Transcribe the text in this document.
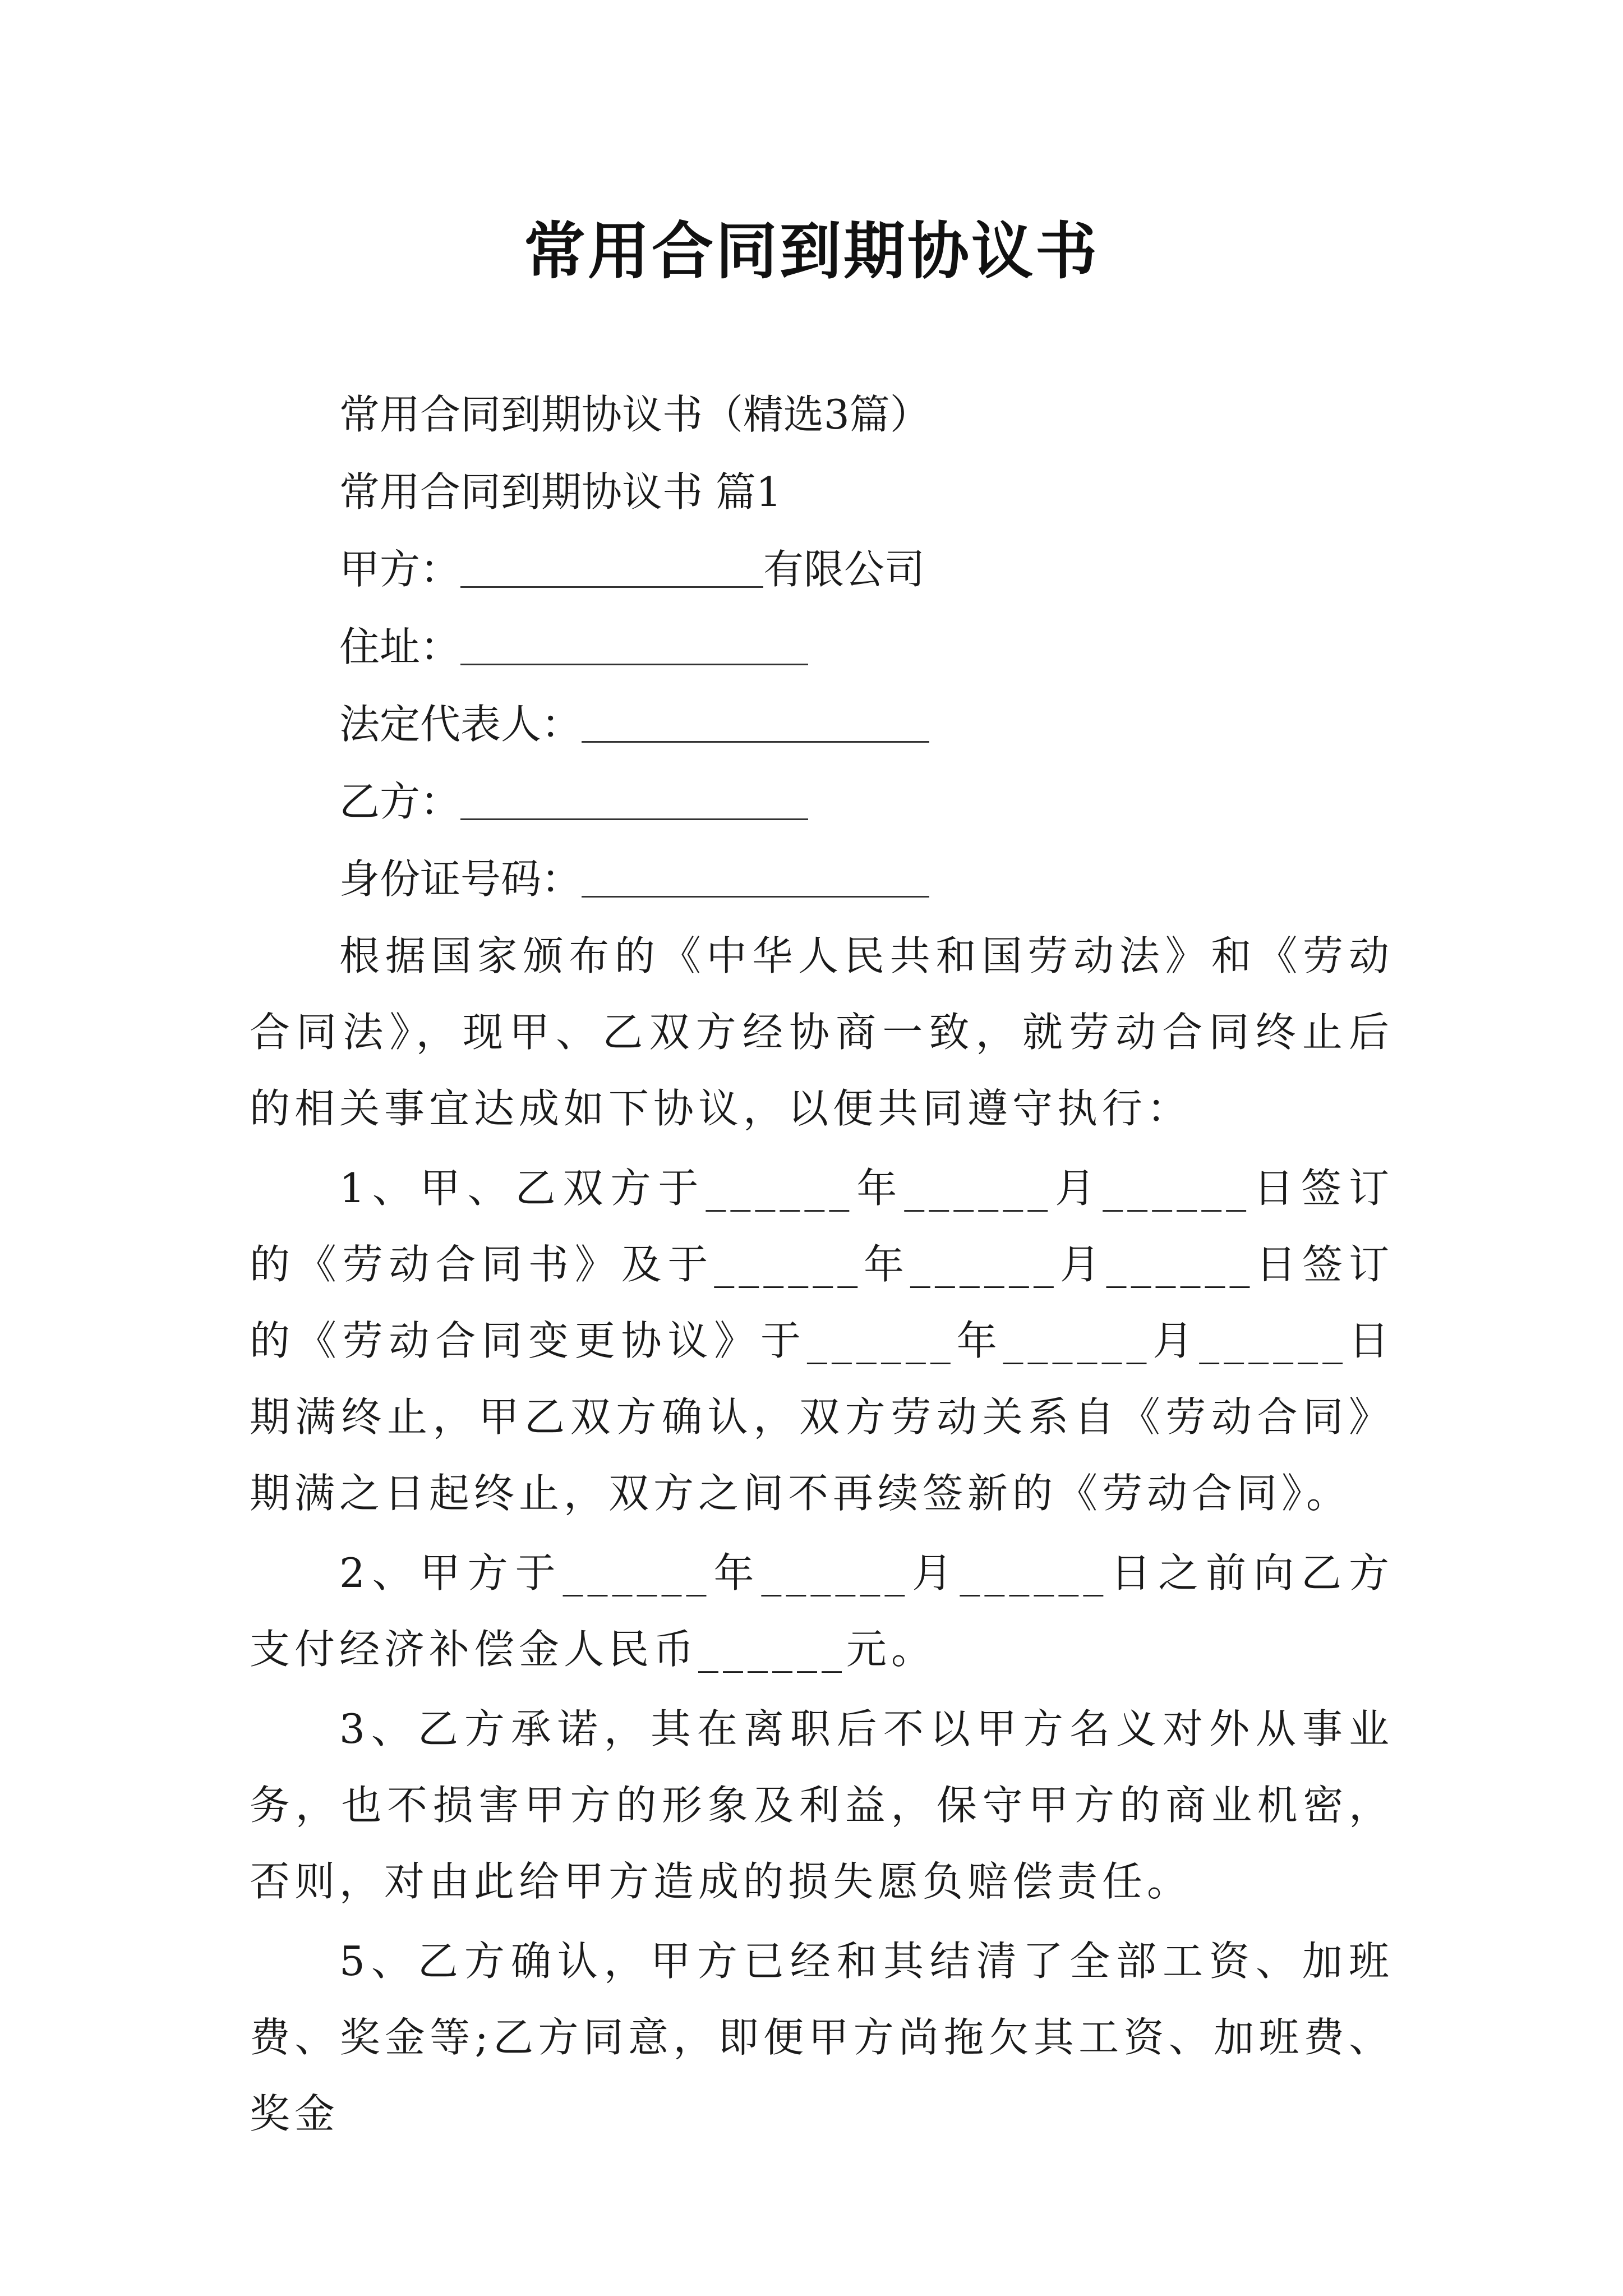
常用合同到期协议书
常用合同到期协议书（精选3篇）
常用合同到期协议书 篇1
甲方：	有限公司
住址：
法定代表人：
乙方：
身份证号码：

根据国家颁布的《中华人民共和国劳动法》和《劳动合同法》，现甲、乙双方经协商一致，就劳动合同终止后的相关事宜达成如下协议，以便共同遵守执行：

1、甲、乙双方于______年______月______日签订的《劳动合同书》及于______年______月______日签订的《劳动合同变更协议》于______年______月______日期满终止，甲乙双方确认，双方劳动关系自《劳动合同》期满之日起终止，双方之间不再续签新的《劳动合同》。

2、甲方于______年______月______日之前向乙方支付经济补偿金人民币______元。

3、乙方承诺，其在离职后不以甲方名义对外从事业务，也不损害甲方的形象及利益，保守甲方的商业机密，否则，对由此给甲方造成的损失愿负赔偿责任。

5、乙方确认，甲方已经和其结清了全部工资、加班费、奖金等;乙方同意，即便甲方尚拖欠其工资、加班费、奖金
